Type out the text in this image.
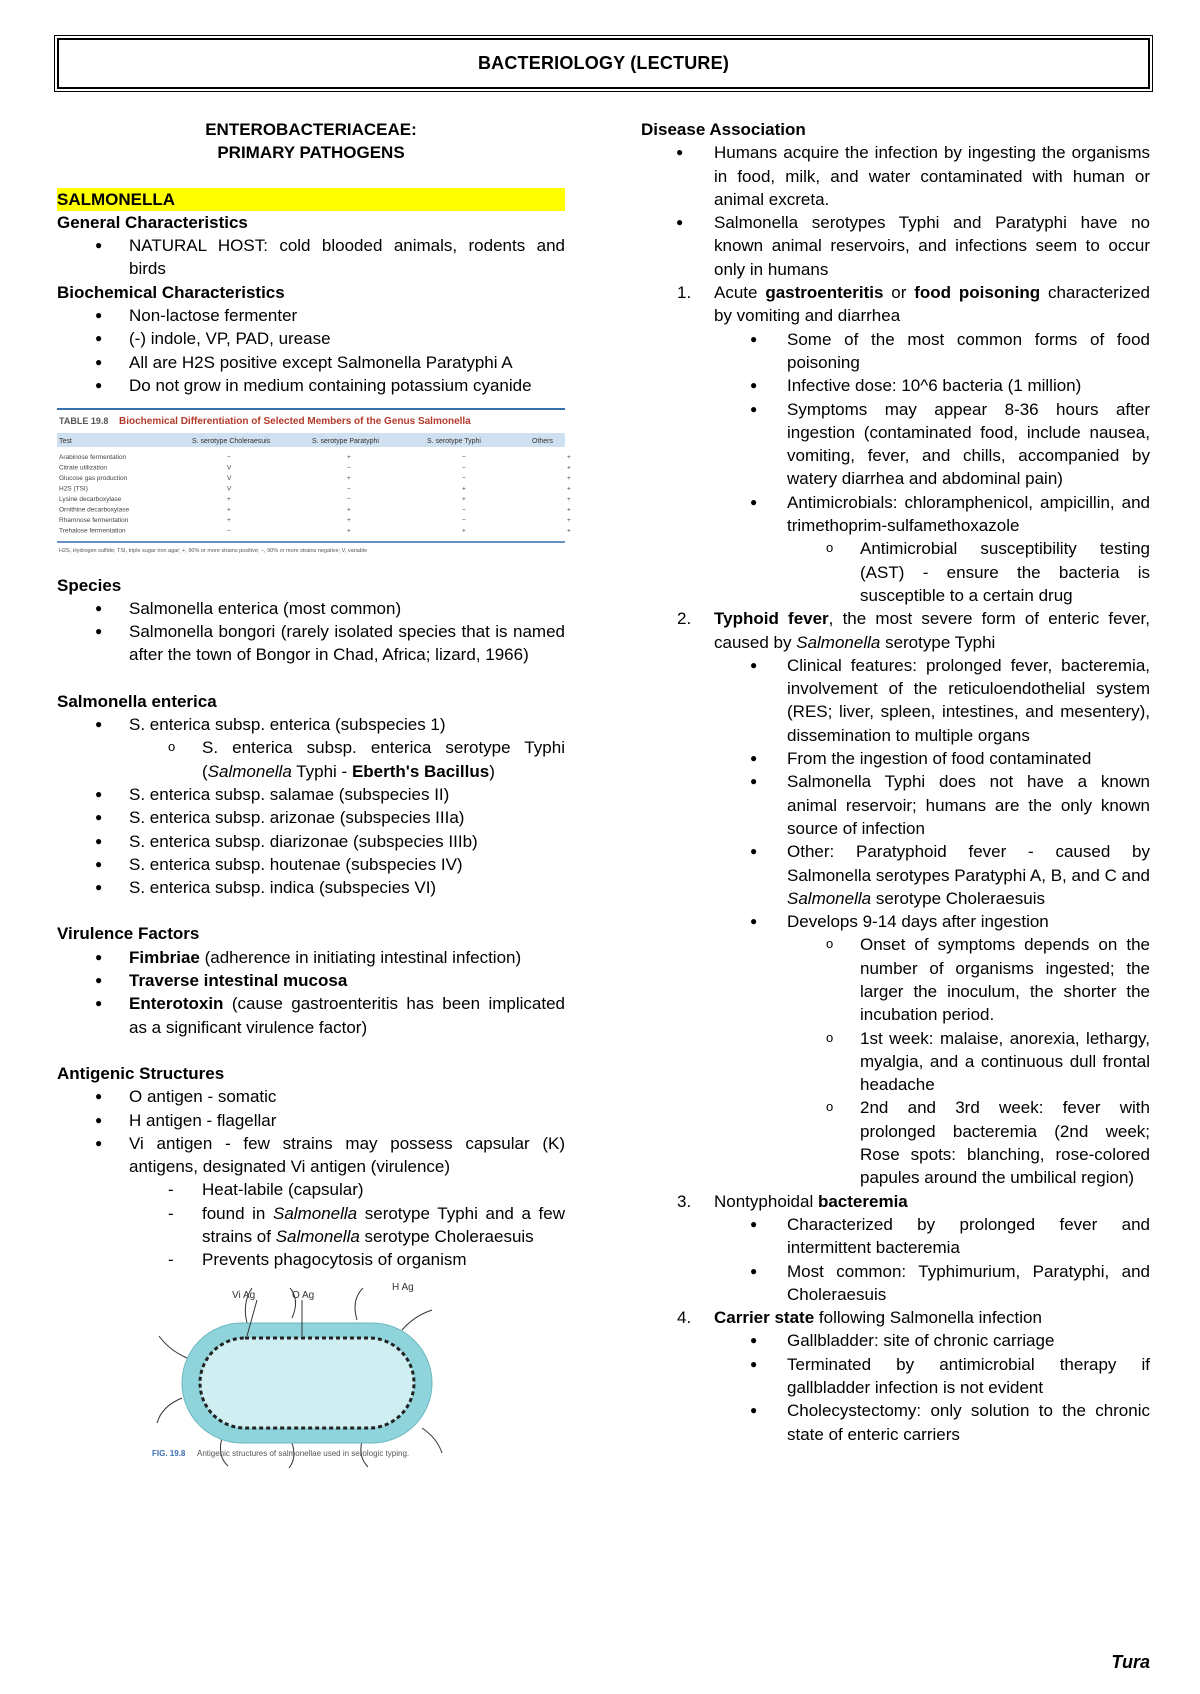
BACTERIOLOGY (LECTURE)
ENTEROBACTERIACEAE:
PRIMARY PATHOGENS
SALMONELLA
General Characteristics
● NATURAL HOST: cold blooded animals, rodents and birds
Biochemical Characteristics
● Non-lactose fermenter
● (-) indole, VP, PAD, urease
● All are H2S positive except Salmonella Paratyphi A
● Do not grow in medium containing potassium cyanide
TABLE 19.8 Biochemical Differentiation of Selected Members of the Genus Salmonella
Test	S. serotype Choleraesuis	S. serotype Paratyphi	S. serotype Typhi	Others
Arabinose fermentation	−	+	−	+
Citrate utilization	V	−	−	+
Glucose gas production	V	+	−	+
H2S (TSI)	V	−	+	+
Lysine decarboxylase	+	−	+	+
Ornithine decarboxylase	+	+	−	+
Rhamnose fermentation	+	+	−	+
Trehalose fermentation	−	+	+	+
H2S, Hydrogen sulfide; TSI, triple sugar iron agar; +, 90% or more strains positive; −, 90% or more strains negative; V, variable
Species
● Salmonella enterica (most common)
● Salmonella bongori (rarely isolated species that is named after the town of Bongor in Chad, Africa; lizard, 1966)
Salmonella enterica
● S. enterica subsp. enterica (subspecies 1)
o S. enterica subsp. enterica serotype Typhi (Salmonella Typhi - Eberth's Bacillus)
● S. enterica subsp. salamae (subspecies II)
● S. enterica subsp. arizonae (subspecies IIIa)
● S. enterica subsp. diarizonae (subspecies IIIb)
● S. enterica subsp. houtenae (subspecies IV)
● S. enterica subsp. indica (subspecies VI)
Virulence Factors
● Fimbriae (adherence in initiating intestinal infection)
● Traverse intestinal mucosa
● Enterotoxin (cause gastroenteritis has been implicated as a significant virulence factor)
Antigenic Structures
● O antigen - somatic
● H antigen - flagellar
● Vi antigen - few strains may possess capsular (K) antigens, designated Vi antigen (virulence)
- Heat-labile (capsular)
- found in Salmonella serotype Typhi and a few strains of Salmonella serotype Choleraesuis
- Prevents phagocytosis of organism
Vi Ag	O Ag
H Ag
FIG. 19.8 Antigenic structures of salmonellae used in serologic typing.
Disease Association
● Humans acquire the infection by ingesting the organisms in food, milk, and water contaminated with human or animal excreta.
● Salmonella serotypes Typhi and Paratyphi have no known animal reservoirs, and infections seem to occur only in humans
1. Acute gastroenteritis or food poisoning characterized by vomiting and diarrhea
● Some of the most common forms of food poisoning
● Infective dose: 10^6 bacteria (1 million)
● Symptoms may appear 8-36 hours after ingestion (contaminated food, include nausea, vomiting, fever, and chills, accompanied by watery diarrhea and abdominal pain)
● Antimicrobials: chloramphenicol, ampicillin, and trimethoprim-sulfamethoxazole
o Antimicrobial susceptibility testing (AST) - ensure the bacteria is susceptible to a certain drug
2. Typhoid fever, the most severe form of enteric fever, caused by Salmonella serotype Typhi
● Clinical features: prolonged fever, bacteremia, involvement of the reticuloendothelial system (RES; liver, spleen, intestines, and mesentery), dissemination to multiple organs
● From the ingestion of food contaminated
● Salmonella Typhi does not have a known animal reservoir; humans are the only known source of infection
● Other: Paratyphoid fever - caused by Salmonella serotypes Paratyphi A, B, and C and Salmonella serotype Choleraesuis
● Develops 9-14 days after ingestion
o Onset of symptoms depends on the number of organisms ingested; the larger the inoculum, the shorter the incubation period.
o 1st week: malaise, anorexia, lethargy, myalgia, and a continuous dull frontal headache
o 2nd and 3rd week: fever with prolonged bacteremia (2nd week; Rose spots: blanching, rose-colored papules around the umbilical region)
3. Nontyphoidal bacteremia
● Characterized by prolonged fever and intermittent bacteremia
● Most common: Typhimurium, Paratyphi, and Choleraesuis
4. Carrier state following Salmonella infection
● Gallbladder: site of chronic carriage
● Terminated by antimicrobial therapy if gallbladder infection is not evident
● Cholecystectomy: only solution to the chronic state of enteric carriers
Tura
